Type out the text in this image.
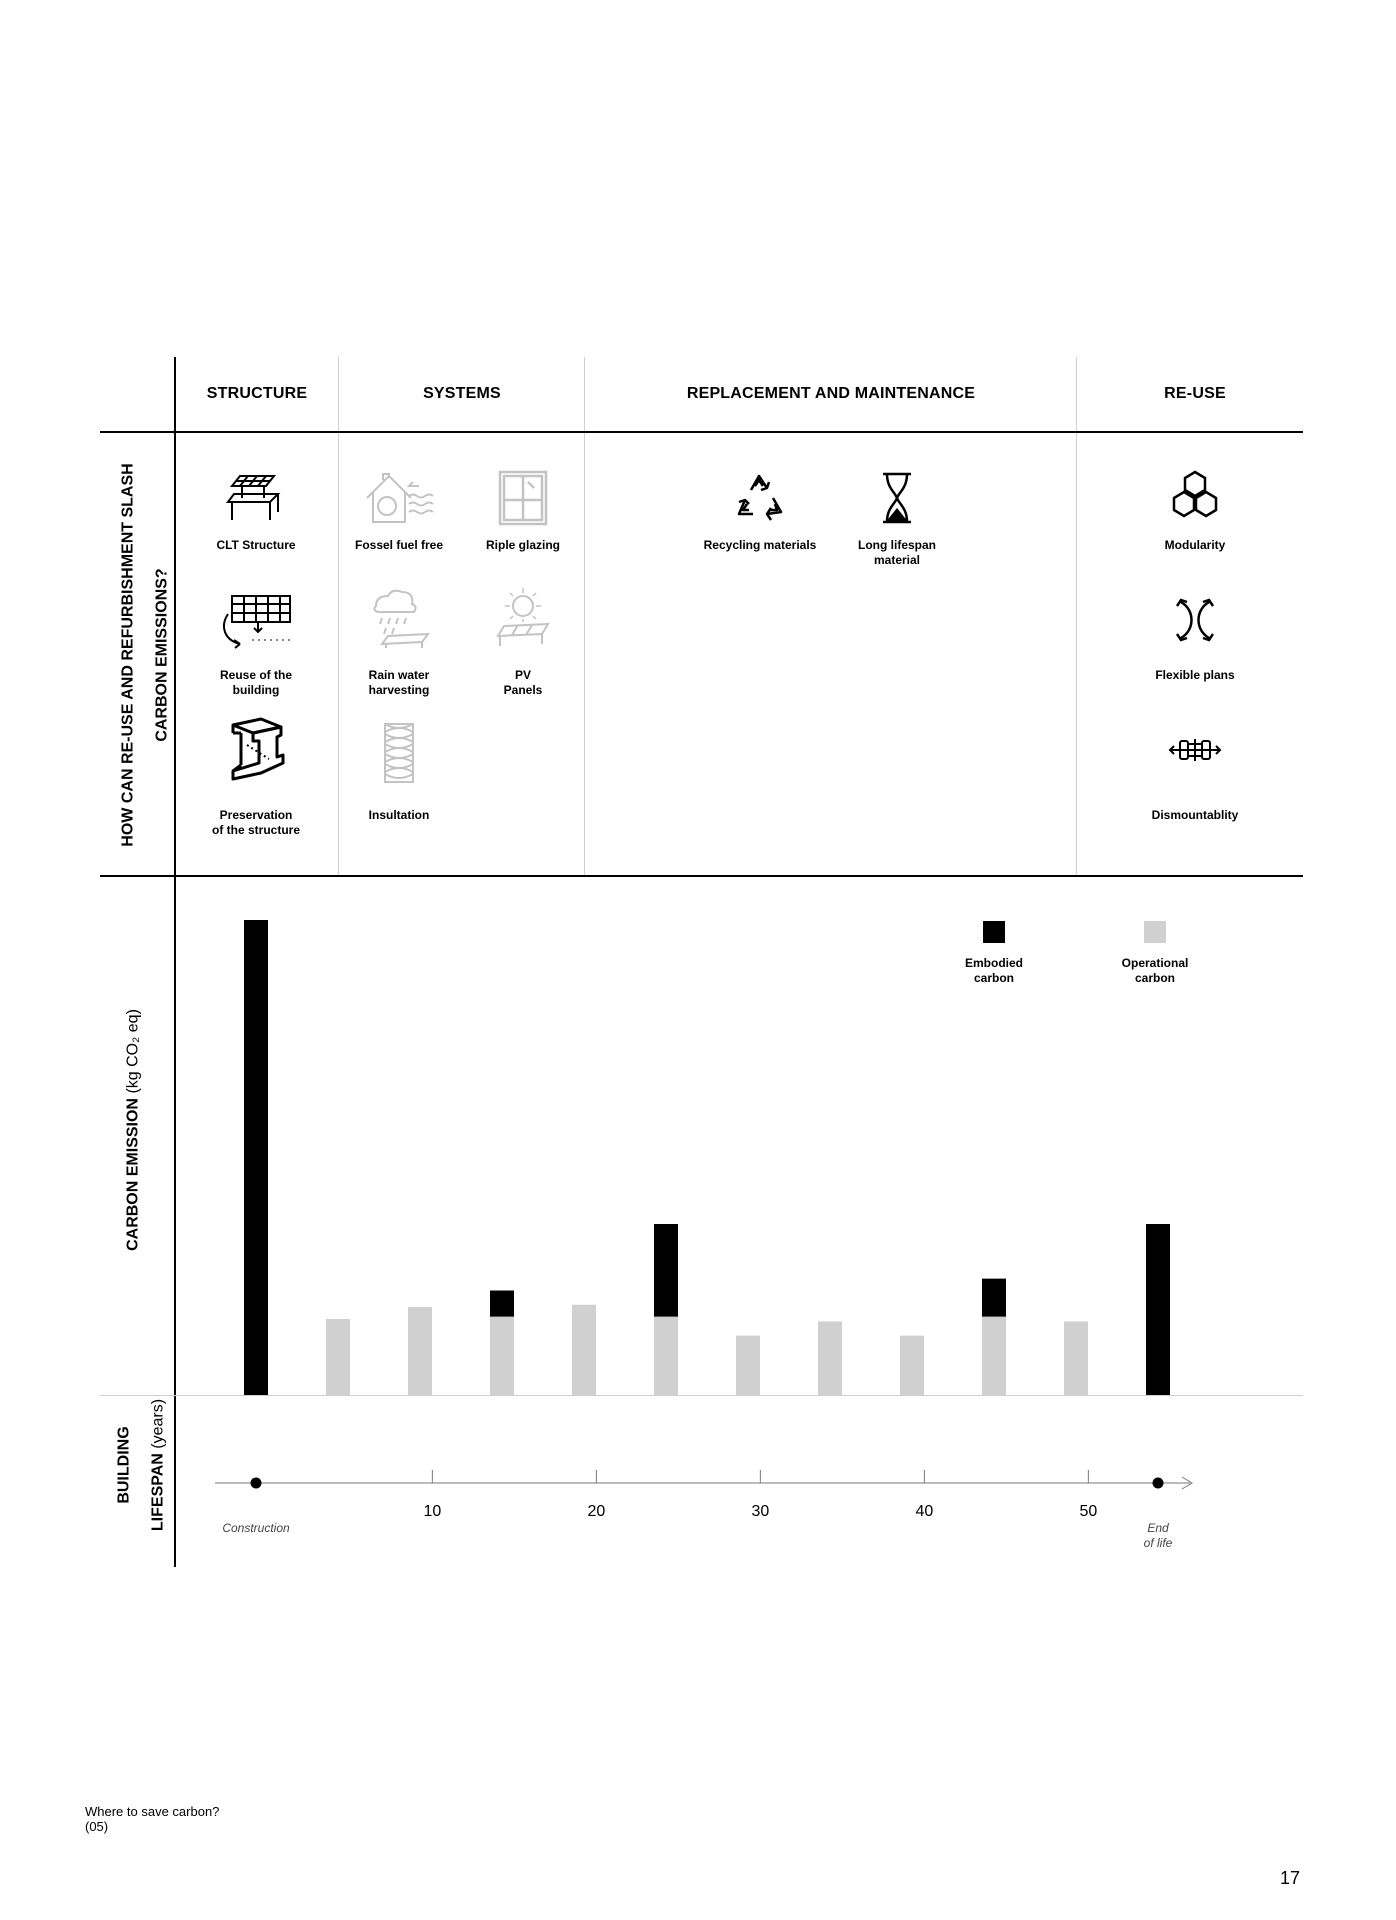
STRUCTURE	SYSTEMS	REPLACEMENT AND MAINTENANCE	RE-USE

HOW CAN RE-USE AND REFURBISHMENT SLASH CARBON EMISSIONS?

CARBON EMISSION (kg CO₂ eq)

BUILDING LIFESPAN (years)

CLT Structure
Reuse of the
building
Preservation
of the structure
Fossel fuel free
Rain water
harvesting
Insultation
Riple glazing
PV
Panels
Recycling materials	Long lifespan
material
Modularity
Flexible plans
Dismountablity
10	20	30	40	50
Construction	End
of life
Embodied
carbon
Operational
carbon
Where to save carbon?
(05)
17
